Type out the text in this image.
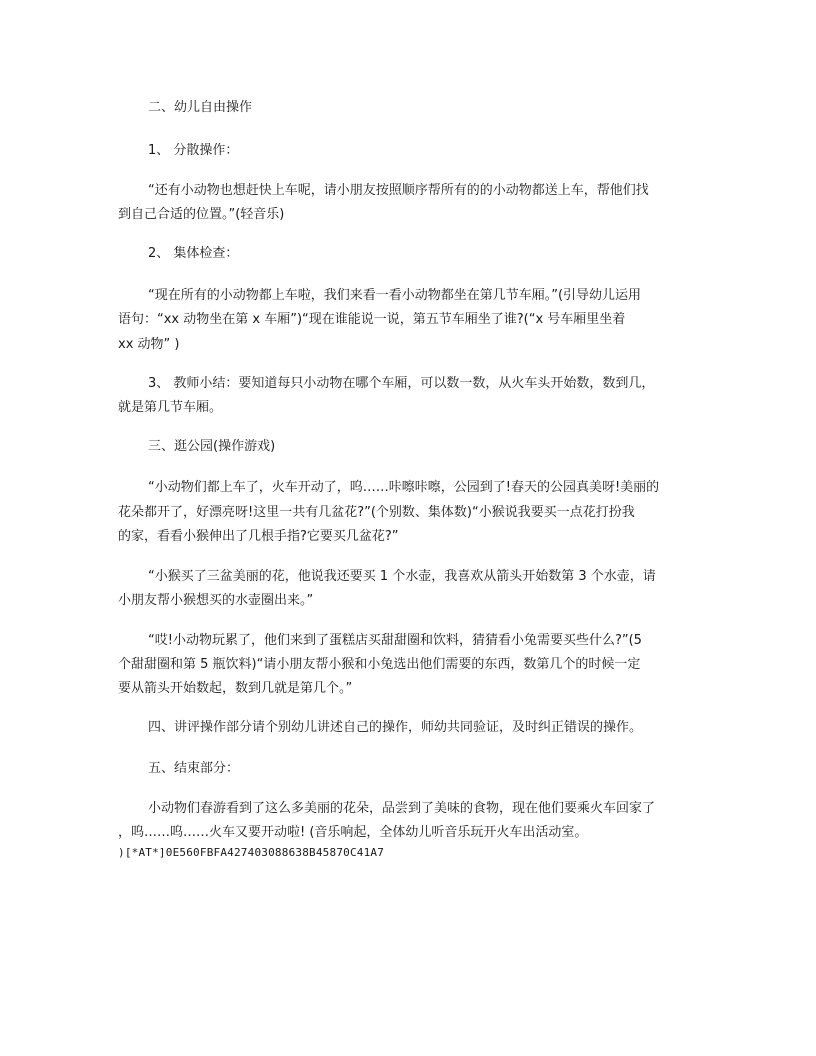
二、幼儿自由操作
1、 分散操作：
“还有小动物也想赶快上车呢，请小朋友按照顺序帮所有的的小动物都送上车，帮他们找
到自己合适的位置。”(轻音乐)
2、 集体检查：
“现在所有的小动物都上车啦，我们来看一看小动物都坐在第几节车厢。”(引导幼儿运用
语句：“xx 动物坐在第 x 车厢”)“现在谁能说一说，第五节车厢坐了谁?(“x 号车厢里坐着
xx 动物” )
3、 教师小结：要知道每只小动物在哪个车厢，可以数一数，从火车头开始数，数到几，
就是第几节车厢。
三、逛公园(操作游戏)
“小动物们都上车了，火车开动了，呜……咔嚓咔嚓，公园到了!春天的公园真美呀!美丽的
花朵都开了，好漂亮呀!这里一共有几盆花?”(个别数、集体数)“小猴说我要买一点花打扮我
的家，看看小猴伸出了几根手指?它要买几盆花?”
“小猴买了三盆美丽的花，他说我还要买 1 个水壶，我喜欢从箭头开始数第 3 个水壶，请
小朋友帮小猴想买的水壶圈出来。”
“哎!小动物玩累了，他们来到了蛋糕店买甜甜圈和饮料，猜猜看小兔需要买些什么?”(5
个甜甜圈和第 5 瓶饮料)“请小朋友帮小猴和小兔选出他们需要的东西，数第几个的时候一定
要从箭头开始数起，数到几就是第几个。”
四、讲评操作部分请个别幼儿讲述自己的操作，师幼共同验证，及时纠正错误的操作。
五、结束部分：
小动物们春游看到了这么多美丽的花朵，品尝到了美味的食物，现在他们要乘火车回家了
，呜……呜……火车又要开动啦! (音乐响起，全体幼儿听音乐玩开火车出活动室。
)[*AT*]0E560FBFA427403088638B45870C41A7
